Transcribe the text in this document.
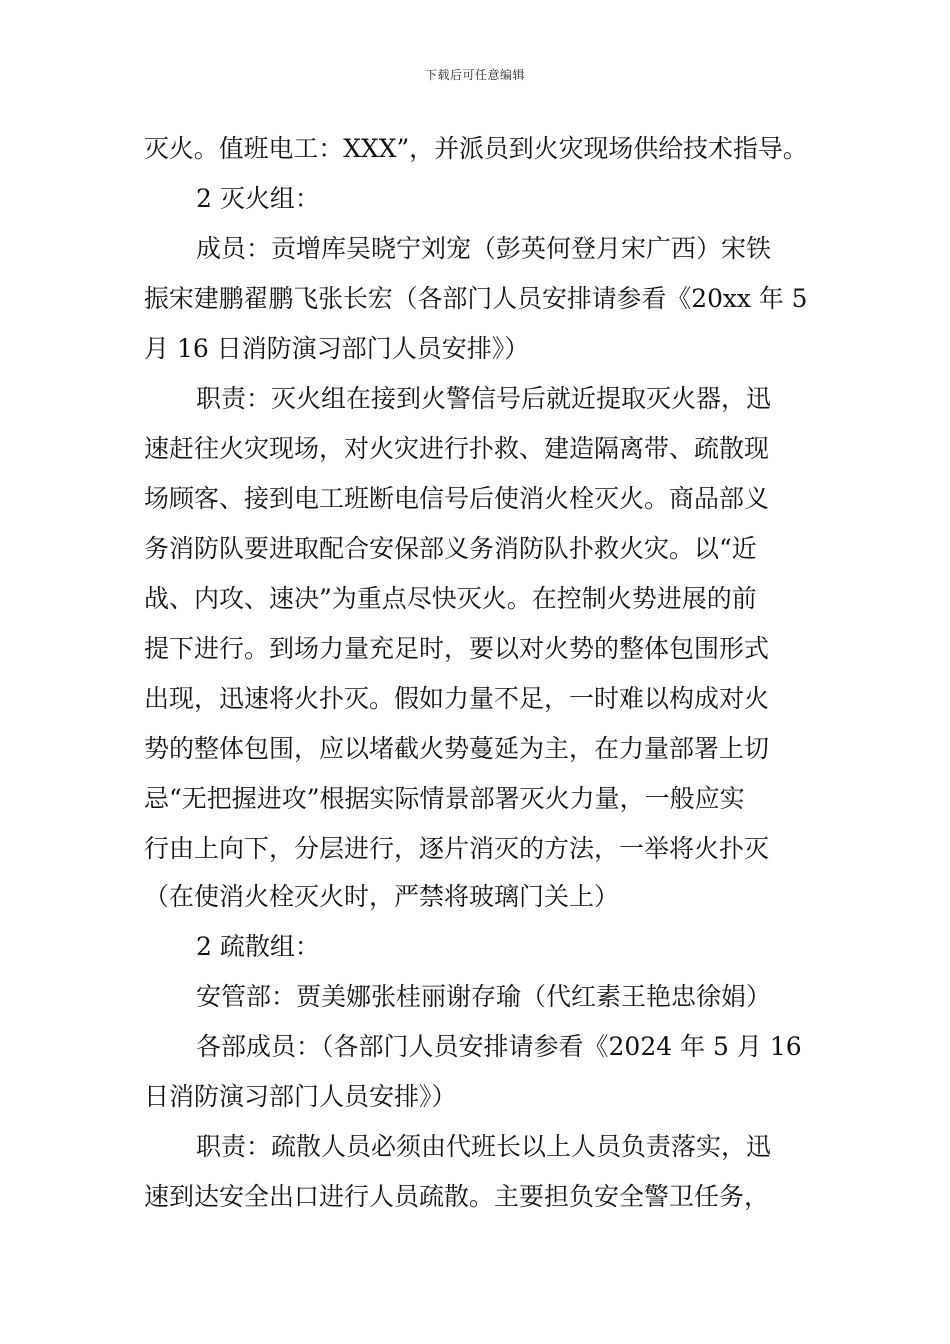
下载后可任意编辑
灭火。值班电工：XXX”，并派员到火灾现场供给技术指导。
2 灭火组：
成员：贡增库吴晓宁刘宠（彭英何登月宋广西）宋铁
振宋建鹏翟鹏飞张长宏（各部门人员安排请参看《20xx 年 5
月 16 日消防演习部门人员安排》）
职责：灭火组在接到火警信号后就近提取灭火器，迅
速赶往火灾现场，对火灾进行扑救、建造隔离带、疏散现
场顾客、接到电工班断电信号后使消火栓灭火。商品部义
务消防队要进取配合安保部义务消防队扑救火灾。以“近
战、内攻、速决”为重点尽快灭火。在控制火势进展的前
提下进行。到场力量充足时，要以对火势的整体包围形式
出现，迅速将火扑灭。假如力量不足，一时难以构成对火
势的整体包围，应以堵截火势蔓延为主，在力量部署上切
忌“无把握进攻”根据实际情景部署灭火力量，一般应实
行由上向下，分层进行，逐片消灭的方法，一举将火扑灭
（在使消火栓灭火时，严禁将玻璃门关上）
2 疏散组：
安管部：贾美娜张桂丽谢存瑜（代红素王艳忠徐娟）
各部成员：（各部门人员安排请参看《2024 年 5 月 16
日消防演习部门人员安排》）
职责：疏散人员必须由代班长以上人员负责落实，迅
速到达安全出口进行人员疏散。主要担负安全警卫任务，
